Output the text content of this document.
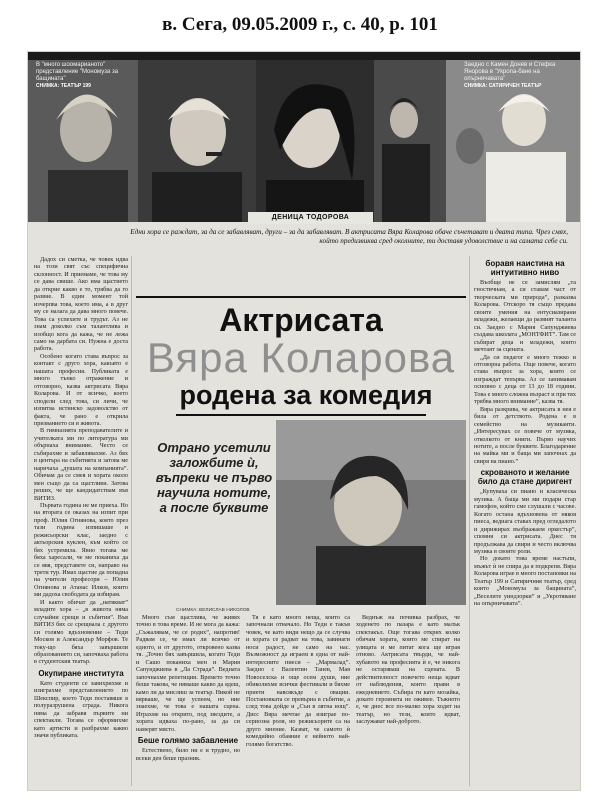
в. Сега, 09.05.2009 г., с. 40, р. 101
В "много шоомарианото" представление "Мономуза за бащината"
СНИМКА: ТЕАТЪР 199
Заедно с Камен Донев и Стефка Янорова в "Укропа-бане на опърничавата"
СНИМКА: САТИРИЧЕН ТЕАТЪР
ДЕНИЦА ТОДОРОВА
Едни хора се раждат, за да се забавляват, други – за да забавляват. В актрисата Вяра Коларова обаче съчетават и двата типа. Чрез смях, който предизвиква сред околните, ти доставя удоволствие и на самата себе си.

Дадох си сметка, че човек идва на този свят със специфична склонност. И приемаме, че това му се дава свише. Ако има щастието да открие какво е то, трябва да го развие. В един момент той изчерпва това, което има, а в друг му се налага да дава много повече. Това са успехите и трудът. Аз не знам доколко съм талантлива и изобщо кога да кажа, че не лежа само на дарбата си. Нужна е доста работа.

Особено когато става въпрос за контакт с друго хора, какъвто е нашата професия. Публиката е много тънко отражение и отговорно, казва актрисата Вяра Коларова. И от всичко, което сподели след това, си личи, че изпитва истинско задоволство от факта, че рано е открила призванието си в живота.

В гимназията преподавателите и учителката ми по литература ми обърнаха внимание. Често се събирахме и забавлявахме. Аз бях в центъра на събитията и затова ме наричаха „душата на компанията”. Обичам да се смея и хората около мен също да са щастливи. Затова реших, че ще кандидатствам във ВИТИЗ.

Първата година не ме приеха. Но на втората се оказах на изпит при проф. Юлия Огнянова, която през тази година изпишаше и режисьорски клас, заедно с актьорския куклен, към който се бях устремила. Явно тогава ме бяха харесали, че ме поканиха да се явя, представете си, направо на трети тур. Имах щастие да попадна на учители професори – Юлия Огнянова и Атанас Илков, които ми дадоха свободата да избирам.

И както обичат да „натякват” младите хора – „в живота няма случайни срещи и събития”. Във ВИТИЗ бях се срещнала с другото си голямо вдъхновение – Теди Москов и Александър Морфов. Те току-що бяха завършили образованието си, започваха работа в студентския театър.

Окупиране института

Като студенти се завихрихме и изиграхме представлението по Шекспир, което Теди поставяше в полуразрушена сграда. Никога няма да забравя първите ни спектакли. Тогава се оформихме като артисти и разбрахме какво значи публиката.

Актрисата
Вяра Коларова
родена за комедия
Отрано усетили заложбите ѝ, въпреки че първо научила нотите, а после буквите
СНИМКА: ВЕЛИСЛАВ НИКОЛОВ

Много съм щастлива, че живях точно в това време. И не мога да кажа: „Съжалявам, че се родих”, напротив! Радвам се, че имах ли всичко от едното, и от другото, откровено казва тя. „Точно бях завършила, когато Теди и Сашо поканиха мен и Мария Сапунджиева в „Ла Страда”. Ведната започнахме репетиции. Времето точно беше такова, че нямаше какво да ядеш, камо ли да мислиш за театър. Никой не вярваше, че ще успеем, но ние знаехме, че това е нашата сцена. Играхме на открито, под звездите, а хората идваха по-рано, за да си намерят място.

Беше голямо забавление

Естествено, било ни е и трудно, но всеки ден беше празник.

Тя е като много неща, които са започнали отначало. Но Теди е такъв човек, че като види нещо да се случва и хората се радват на това, завинаги носи радост, не само на нас. Възможност да играем в една от най-интересните пиеси – „Мармалад”. Заедно с Валентин Танев, Мая Новоселска и още осем души, ние обиколихме всички фестивали и бяхме приети навсякъде с овации. Постановката се превърна в събитие, а след това дойде и „Сън в лятна нощ”. Дисс Вяра мечтае да изиграе по-сериозна роля, но режисьорите са на друго мнение. Казват, че самото ѝ комедийно обаяние е нейното най-голямо богатство.

Веднъж на почивка разбрах, че ходенето по пазара е като малък спектакъл. Още тогава открих колко обичам хората, които ме спират на улицата и ме питат кога ще играя отново. Актрисата твърди, че най-хубавото на професията ѝ е, че никога не остаряваш на сцената. В действителност повечето неща идват от наблюдения, които прави в ежедневието. Събира ги като мозайка, докато героинята не оживее. Тъжното е, че днес все по-малко хора ходят на театър, но тези, които идват, заслужават най-доброто.

боравя наистина на интуитивно ниво

Въобще не се замислям „та гностичнам, а си ставам част от творческата ми природа”, разказва Коларова. Отскоро тя също предава своите умения на ентусиазирани младежи, желаещи да развият таланта си. Заедно с Мария Сапунджиева създава школата „МОНТФИТ”. Там се събират деца и младежи, които мечтаят за сцената.

„Да си педагог е много тежко и отговорна работа. Още повече, когато става въпрос за хора, които се изграждат тепърва. Аз се занимавам основно с деца от 13 до 18 години. Това е много сложна възраст и при тях трябва много внимание”, казва тя.

Вяра разкрива, че актрисата в нея е била от детството. Родена е в семейство на музиканти. „Интересувах се повече от музика, отколкото от книги. Първо научих нотите, а после буквите. Благодарение на майка ми и баща ми започнах да свиря на пиано.”

скрованото и желание било да стане диригент

„Купуваха си пиано и класическа музика. А баща ми ми подари стар гамофон, който сме слушали с часове. Когато остана вдъхновена от някоя пиеса, веднага ставах пред огледалото и дирижирах въображаем оркестър”, спомня си актрисата. Днес тя продължава да свири и често включва музика в своите роли.

Но докато това време настъпи, мъжът ѝ не спира да я подкрепя. Вяра Коларова играе в много постановки на Театър 199 и Сатиричния театър, сред които „Мономуза за бащината”, „Веселите уиндзорки” и „Укротяване на опърничавата”.
